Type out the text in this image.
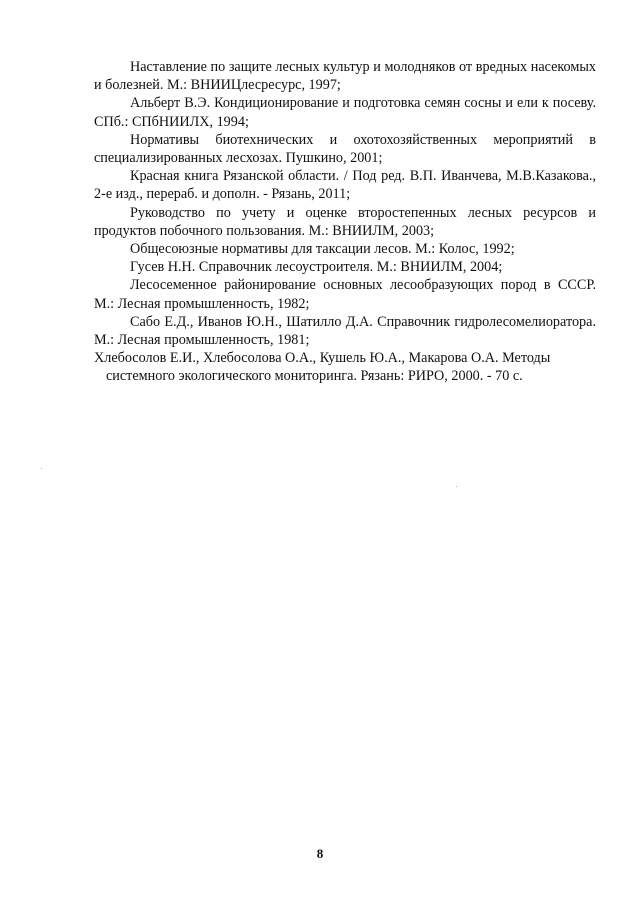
Наставление по защите лесных культур и молодняков от вредных насекомых и болезней. М.: ВНИИЦлесресурс, 1997;

Альберт В.Э. Кондиционирование и подготовка семян сосны и ели к посеву. СПб.: СПбНИИЛХ, 1994;

Нормативы биотехнических и охотохозяйственных мероприятий в специализированных лесхозах. Пушкино, 2001;

Красная книга Рязанской области. / Под ред. В.П. Иванчева, М.В.Казакова., 2-е изд., перераб. и дополн. - Рязань, 2011;

Руководство по учету и оценке второстепенных лесных ресурсов и продуктов побочного пользования. М.: ВНИИЛМ, 2003;

Общесоюзные нормативы для таксации лесов. М.: Колос, 1992;

Гусев Н.Н. Справочник лесоустроителя. М.: ВНИИЛМ, 2004;

Лесосеменное районирование основных лесообразующих пород в СССР. М.: Лесная промышленность, 1982;

Сабо Е.Д., Иванов Ю.Н., Шатилло Д.А. Справочник гидролесомелиоратора. М.: Лесная промышленность, 1981;

Хлебосолов Е.И., Хлебосолова О.А., Кушель Ю.А., Макарова О.А. Методы
системного экологического мониторинга. Рязань: РИРО, 2000. - 70 с.

8
